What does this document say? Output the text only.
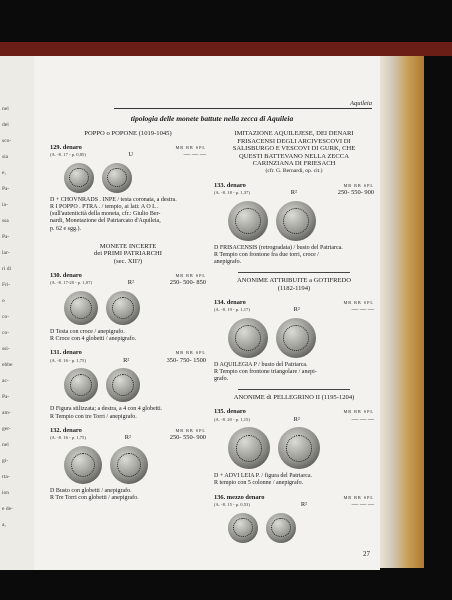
nel
del
sco-
sia
e,
Pa-
ia-
ssa
Pa-
lar-
ri di
Fri-
o
co-
co-
ssi-
ebbe
ac-
Pa-
am-
ger-
nel
gi-
rta-
ion
e de-
a,
Aquileia
tipologia delle monete battute nella zecca di Aquileia
POPPO o POPONE (1019-1045)
129. denaro
(A. -8. 17 - p. 0,85)	U
MB BB SPL
— — —
D + CHOVNRADS . INPE / testa coronata, a destra.
R I POPPO . PTRA . / tempio, ai lati: A O L .
(sull'autenticità della moneta, cfr.: Giulio Ber-
nardi, Monetazione del Patriarcato d'Aquileia,
p. 62 e sgg.).
MONETE INCERTE
dei PRIMI PATRIARCHI
(sec. XII?)
130. denaro
(A. -8. 17-20 - p. 1,07)	R²
MB BB SPL
250- 500- 850
D Testa con croce / anepigrafo.
R Croce con 4 globetti / anepigrafo.
131. denaro
(A. -8. 16 - p. 1,75)	R²
MB BB SPL
350- 750- 1500
D Figura stilizzata; a destra, a 4 con 4 globetti.
R Tempio con tre Torri / anepigrafo.
132. denaro
(A. -8. 16 - p. 1,75)	R²
MB BB SPL
250- 550- 900
D Busto con globetti / anepigrafo.
R Tre Torri con globetti / anepigrafo.
IMITAZIONE AQUILEJESE, DEI DENARI
FRISACENSI DEGLI ARCIVESCOVI DI
SALISBURGO E VESCOVI DI GURK, CHE
QUESTI BATTEVANO NELLA ZECCA
CARINZIANA DI FRIESACH
(cfr. G. Bernardi, op. cit.)
133. denaro
(A. -8. 18 - p. 1,37)	R²
MB BB SPL
250- 550- 900
D FRISACENSIS (retrogradata) / busto del Patriarca.
R Tempio con frontone fra due torri, croce /
anepigrafo.
ANONIME ATTRIBUITE a GOTIFREDO
(1182-1194)
134. denaro
(A. -8. 19 - p. 1,17)	R²
MB BB SPL
— — —
D AQUILEGIA P / busto del Patriarca.
R Tempio con frontone triangolare / anepi-
grafo.
ANONIME di PELLEGRINO II (1195-1204)
135. denaro
(A. -8. 20 - p. 1,15)	R²
MB BB SPL
— — —
D + ADVI LEIA P. / figura del Patriarca.
R tempio con 5 colonne / anepigrafo.
136. mezzo denaro
(A. -8. 15 - p. 0,53)	R²
MB BB SPL
— — —
27
